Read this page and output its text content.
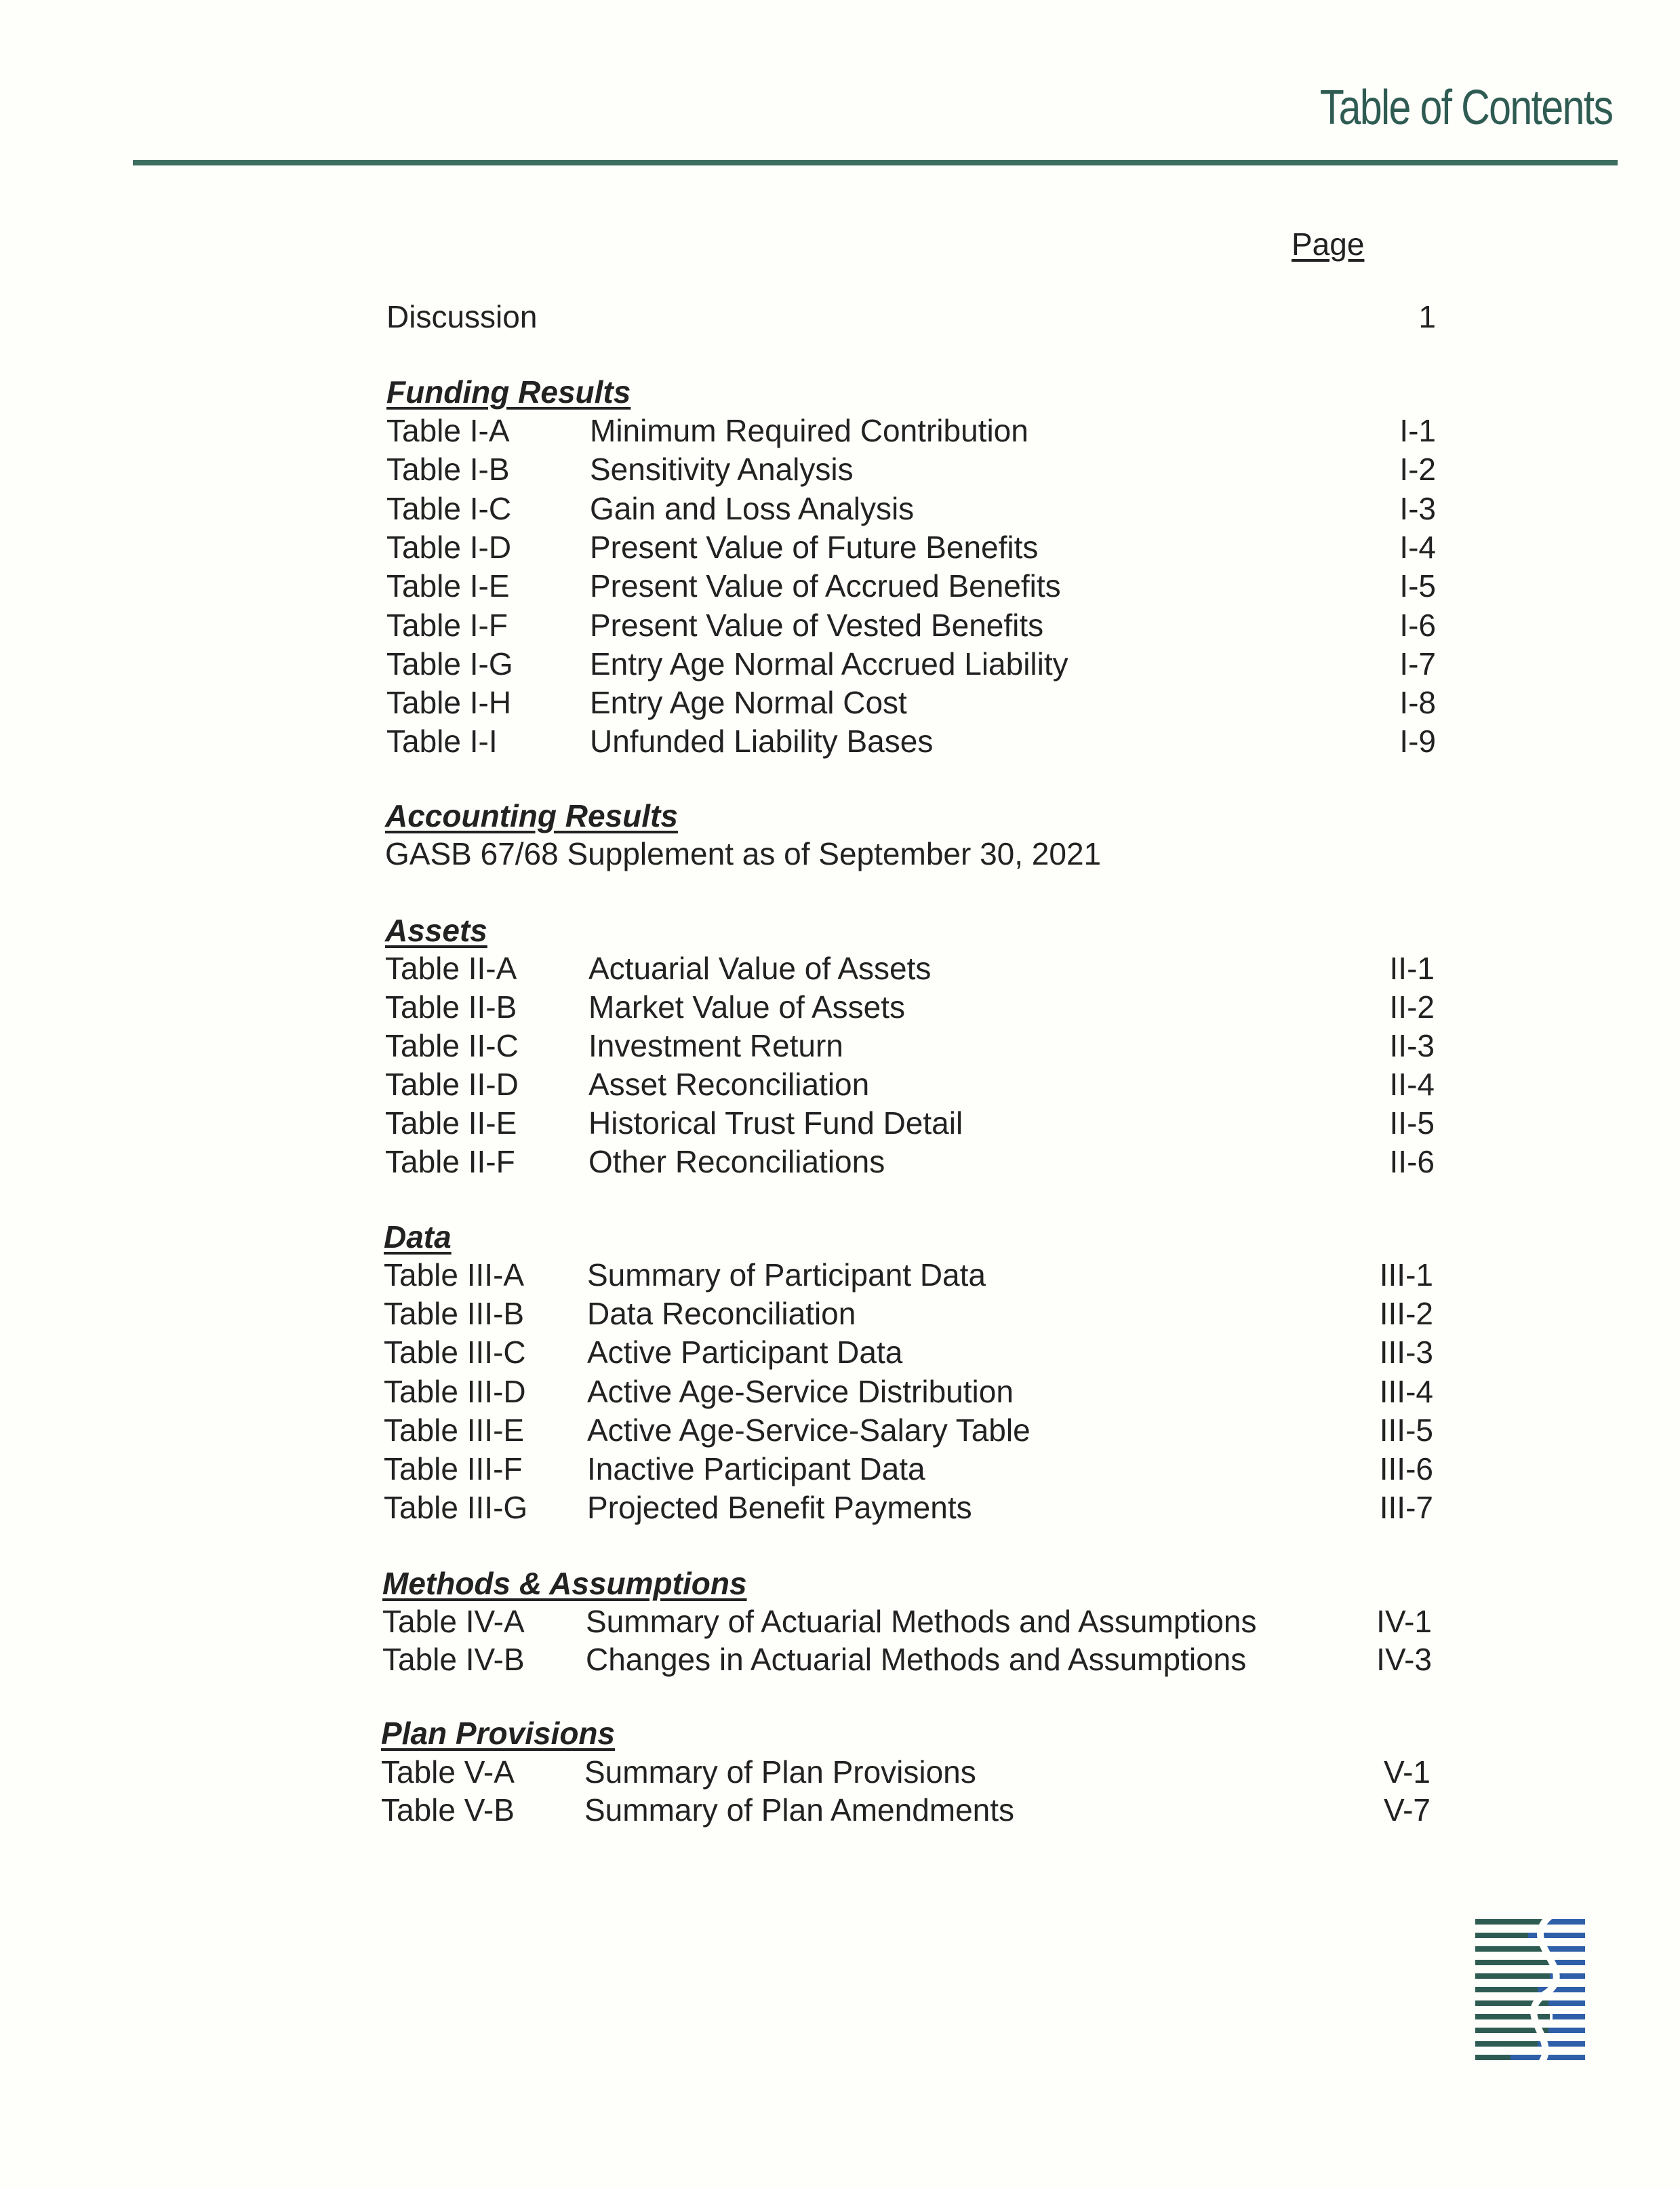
Table of Contents
Page
Discussion	1
Funding Results
Table I-A	Minimum Required Contribution	I-1
Table I-B	Sensitivity Analysis	I-2
Table I-C	Gain and Loss Analysis	I-3
Table I-D	Present Value of Future Benefits	I-4
Table I-E	Present Value of Accrued Benefits	I-5
Table I-F	Present Value of Vested Benefits	I-6
Table I-G Entry Age Normal Accrued Liability	I-7
Table I-H	Entry Age Normal Cost	I-8
Table I-I	Unfunded Liability Bases	I-9
Accounting Results
GASB 67/68 Supplement as of September 30, 2021
Assets
Table II-A Actuarial Value of Assets	II-1
Table II-B Market Value of Assets	II-2
Table II-C Investment Return	II-3
Table II-D Asset Reconciliation	II-4
Table II-E Historical Trust Fund Detail	II-5
Table II-F Other Reconciliations	II-6
Data
Table III-A Summary of Participant Data	III-1
Table III-B Data Reconciliation	III-2
Table III-C Active Participant Data	III-3
Table III-D Active Age-Service Distribution	III-4
Table III-E Active Age-Service-Salary Table	III-5
Table III-F Inactive Participant Data	III-6
Table III-G Projected Benefit Payments	III-7
Methods & Assumptions
Table IV-A Summary of Actuarial Methods and Assumptions	IV-1
Table IV-B Changes in Actuarial Methods and Assumptions	IV-3
Plan Provisions
Table V-A Summary of Plan Provisions	V-1
Table V-B Summary of Plan Amendments	V-7
